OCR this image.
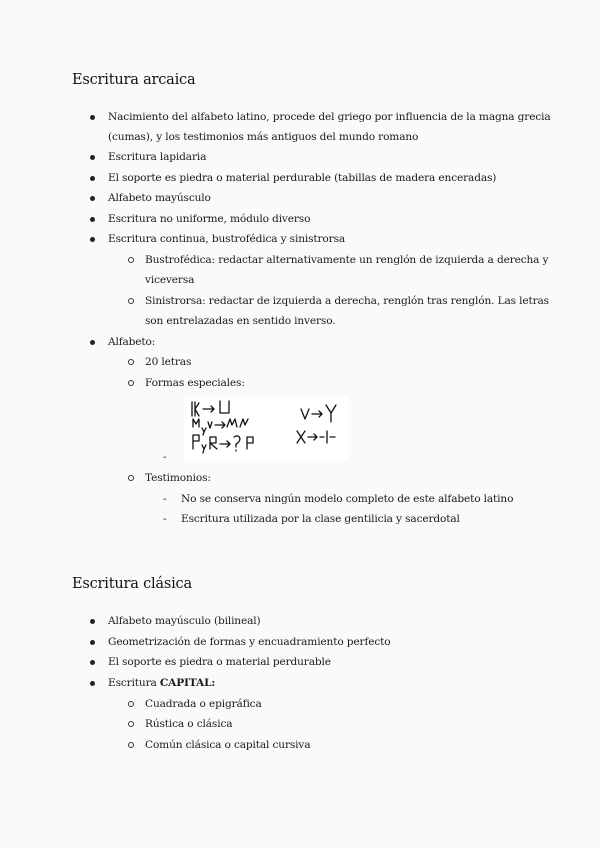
Escritura arcaica
Nacimiento del alfabeto latino, procede del griego por influencia de la magna grecia
(cumas), y los testimonios más antiguos del mundo romano
Escritura lapidaria
El soporte es piedra o material perdurable (tabillas de madera enceradas)
Alfabeto mayúsculo
Escritura no uniforme, módulo diverso
Escritura continua, bustrofédica y sinistrorsa
Bustrofédica: redactar alternativamente un renglón de izquierda a derecha y
viceversa
Sinistrorsa: redactar de izquierda a derecha, renglón tras renglón. Las letras
son entrelazadas en sentido inverso.
Alfabeto:
20 letras
Formas especiales:
-
Testimonios:
- No se conserva ningún modelo completo de este alfabeto latino
- Escritura utilizada por la clase gentilicia y sacerdotal
Escritura clásica
Alfabeto mayúsculo (bilineal)
Geometrización de formas y encuadramiento perfecto
El soporte es piedra o material perdurable
Escritura CAPITAL:
Cuadrada o epigráfica
Rústica o clásica
Común clásica o capital cursiva
